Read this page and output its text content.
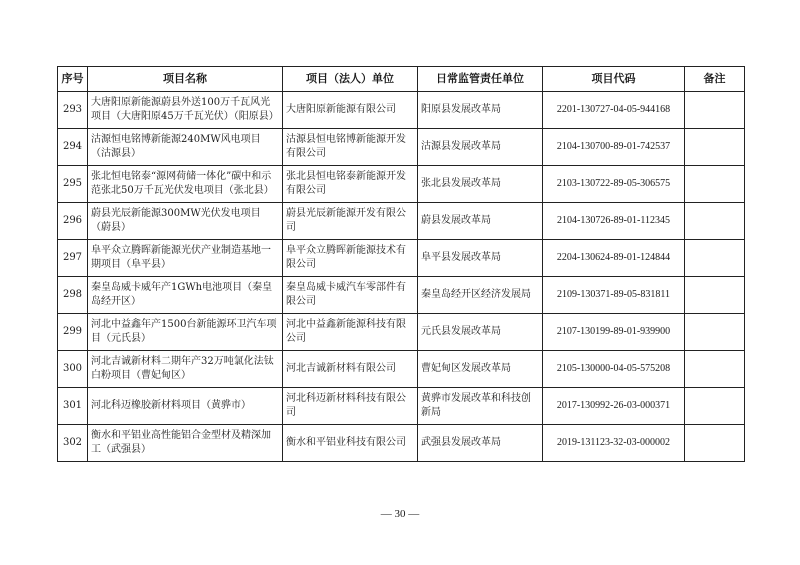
序号	项目名称	项目（法人）单位	日常监管责任单位	项目代码	备注

293	大唐阳原新能源蔚县外送100万千瓦风光项目（大唐阳原45万千瓦光伏）（阳原县）	大唐阳原新能源有限公司	阳原县发展改革局	2201-130727-04-05-944168	

294	沽源恒电铭博新能源240MW风电项目（沽源县）	沽源县恒电铭博新能源开发有限公司	沽源县发展改革局	2104-130700-89-01-742537	

295	张北恒电铭泰“源网荷储一体化”碳中和示范张北50万千瓦光伏发电项目（张北县）	张北县恒电铭泰新能源开发有限公司	张北县发展改革局	2103-130722-89-05-306575	

296	蔚县光辰新能源300MW光伏发电项目（蔚县）	蔚县光辰新能源开发有限公司	蔚县发展改革局	2104-130726-89-01-112345	

297	阜平众立腾晖新能源光伏产业制造基地一期项目（阜平县）	阜平众立腾晖新能源技术有限公司	阜平县发展改革局	2204-130624-89-01-124844	

298	秦皇岛威卡威年产1GWh电池项目（秦皇岛经开区）	秦皇岛威卡威汽车零部件有限公司	秦皇岛经开区经济发展局	2109-130371-89-05-831811	

299	河北中益鑫年产1500台新能源环卫汽车项目（元氏县）	河北中益鑫新能源科技有限公司	元氏县发展改革局	2107-130199-89-01-939900	

300	河北吉诚新材料二期年产32万吨氯化法钛白粉项目（曹妃甸区）	河北吉诚新材料有限公司	曹妃甸区发展改革局	2105-130000-04-05-575208	

301	河北科迈橡胶新材料项目（黄骅市）	河北科迈新材料科技有限公司	黄骅市发展改革和科技创新局	2017-130992-26-03-000371	

302	衡水和平铝业高性能铝合金型材及精深加工（武强县）	衡水和平铝业科技有限公司	武强县发展改革局	2019-131123-32-03-000002	

— 30 —
